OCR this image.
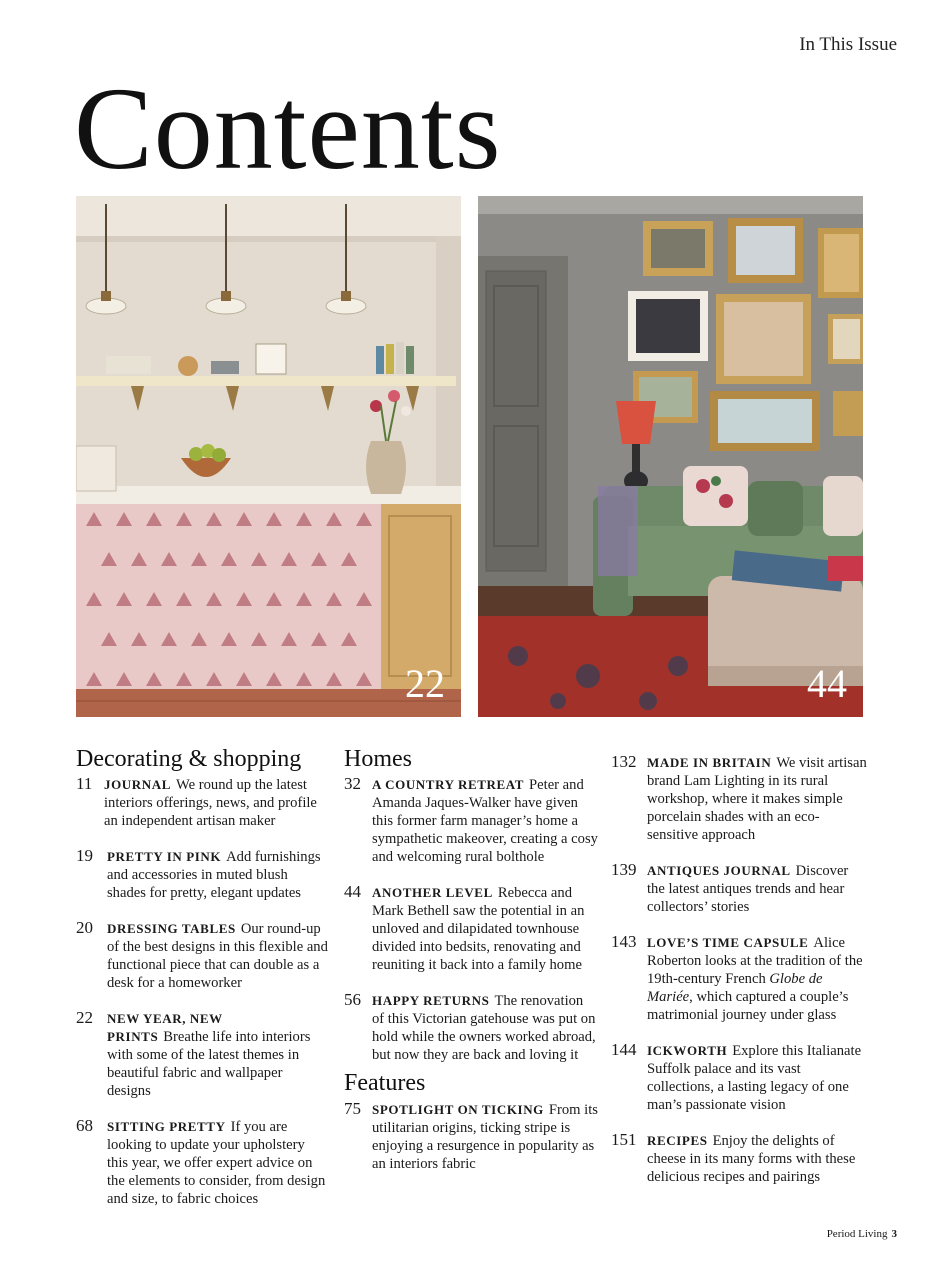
In This Issue
Contents
22	44
Decorating & shopping
11 JOURNAL We round up the latest interiors offerings, news, and profile an independent artisan maker
19 PRETTY IN PINK Add furnishings and accessories in muted blush shades for pretty, elegant updates
20 DRESSING TABLES Our round-up of the best designs in this flexible and functional piece that can double as a desk for a homeworker
22 NEW YEAR, NEW PRINTS Breathe life into interiors with some of the latest themes in beautiful fabric and wallpaper designs
68 SITTING PRETTY If you are looking to update your upholstery this year, we offer expert advice on the elements to consider, from design and size, to fabric choices
Homes
32 A COUNTRY RETREAT Peter and Amanda Jaques-Walker have given this former farm manager’s home a sympathetic makeover, creating a cosy and welcoming rural bolthole
44 ANOTHER LEVEL Rebecca and Mark Bethell saw the potential in an unloved and dilapidated townhouse divided into bedsits, renovating and reuniting it back into a family home
56 HAPPY RETURNS The renovation of this Victorian gatehouse was put on hold while the owners worked abroad, but now they are back and loving it
Features
75 SPOTLIGHT ON TICKING From its utilitarian origins, ticking stripe is enjoying a resurgence in popularity as an interiors fabric
132 MADE IN BRITAIN We visit artisan brand Lam Lighting in its rural workshop, where it makes simple porcelain shades with an eco-sensitive approach
139 ANTIQUES JOURNAL Discover the latest antiques trends and hear collectors’ stories
143 LOVE’S TIME CAPSULE Alice Roberton looks at the tradition of the 19th-century French Globe de Mariée, which captured a couple’s matrimonial journey under glass
144 ICKWORTH Explore this Italianate Suffolk palace and its vast collections, a lasting legacy of one man’s passionate vision
151 RECIPES Enjoy the delights of cheese in its many forms with these delicious recipes and pairings
Period Living 3
